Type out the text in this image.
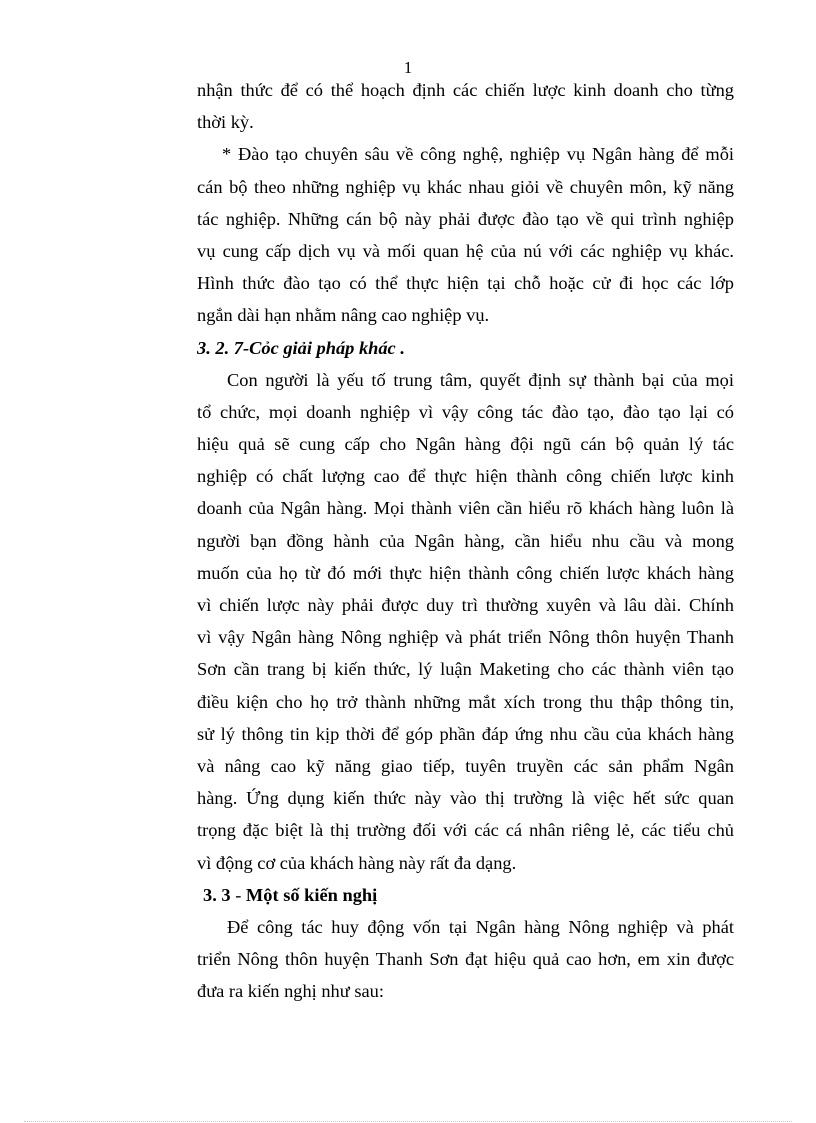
1
nhận thức để có thể hoạch định các chiến lược kinh doanh cho từng
thời kỳ.
* Đào tạo chuyên sâu về công nghệ, nghiệp vụ Ngân hàng để mỗi
cán bộ theo những nghiệp vụ khác nhau giỏi về chuyên môn, kỹ năng
tác nghiệp. Những cán bộ này phải được đào tạo về qui trình nghiệp
vụ cung cấp dịch vụ và mối quan hệ của nú với các nghiệp vụ khác.
Hình thức đào tạo có thể thực hiện tại chỗ hoặc cử đi học các lớp
ngắn dài hạn nhằm nâng cao nghiệp vụ.
3. 2. 7-Cỏc giải pháp khác .
Con người là yếu tố trung tâm, quyết định sự thành bại của mọi
tổ chức, mọi doanh nghiệp vì vậy công tác đào tạo, đào tạo lại có
hiệu quả sẽ cung cấp cho Ngân hàng đội ngũ cán bộ quản lý tác
nghiệp có chất lượng cao để thực hiện thành công chiến lược kinh
doanh của Ngân hàng. Mọi thành viên cần hiểu rõ khách hàng luôn là
người bạn đồng hành của Ngân hàng, cần hiểu nhu cầu và mong
muốn của họ từ đó mới thực hiện thành công chiến lược khách hàng
vì chiến lược này phải được duy trì thường xuyên và lâu dài. Chính
vì vậy Ngân hàng Nông nghiệp và phát triển Nông thôn huyện Thanh
Sơn cần trang bị kiến thức, lý luận Maketing cho các thành viên tạo
điều kiện cho họ trở thành những mắt xích trong thu thập thông tin,
sử lý thông tin kịp thời để góp phần đáp ứng nhu cầu của khách hàng
và nâng cao kỹ năng giao tiếp, tuyên truyền các sản phẩm Ngân
hàng. Ứng dụng kiến thức này vào thị trường là việc hết sức quan
trọng đặc biệt là thị trường đối với các cá nhân riêng lẻ, các tiểu chủ
vì động cơ của khách hàng này rất đa dạng.
3. 3 - Một số kiến nghị
Để công tác huy động vốn tại Ngân hàng Nông nghiệp và phát
triển Nông thôn huyện Thanh Sơn đạt hiệu quả cao hơn, em xin được
đưa ra kiến nghị như sau:
